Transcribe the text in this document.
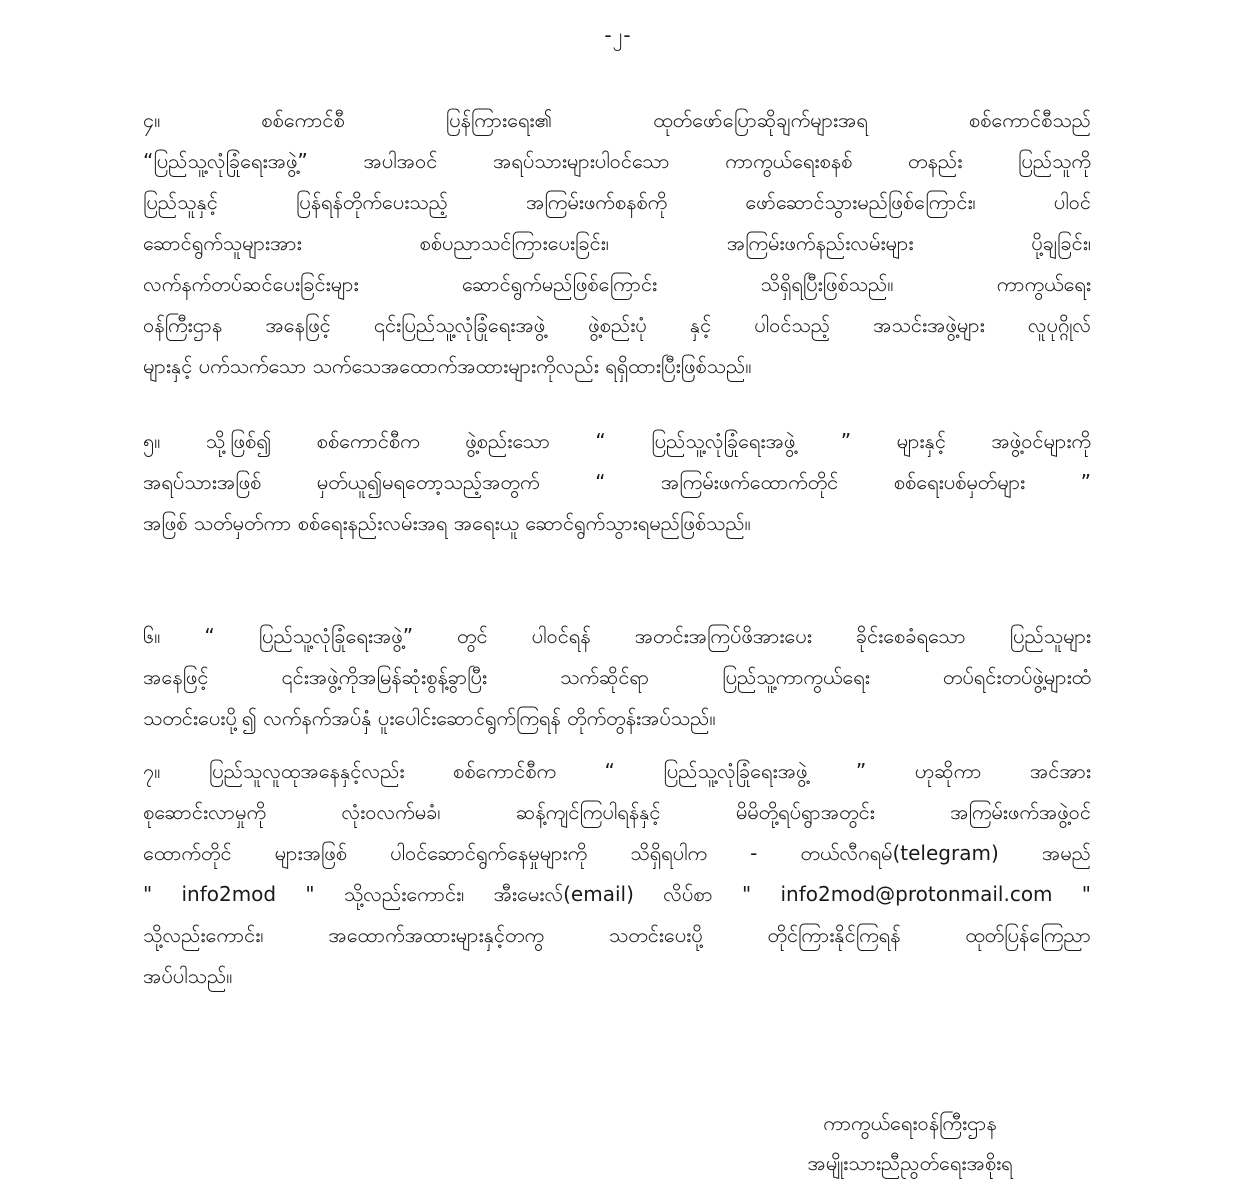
-၂-
၄။	စစ်ကောင်စီ ပြန်ကြားရေး၏ ထုတ်ဖော်ပြောဆိုချက်များအရ စစ်ကောင်စီသည်
“ပြည်သူ့လုံခြုံရေးအဖွဲ့” အပါအဝင် အရပ်သားများပါဝင်သော ကာကွယ်ရေးစနစ် တနည်း ပြည်သူကို
ပြည်သူနှင့် ပြန်ရန်တိုက်ပေးသည့် အကြမ်းဖက်စနစ်ကို ဖော်ဆောင်သွားမည်ဖြစ်ကြောင်း၊ ပါဝင်
ဆောင်ရွက်သူများအား စစ်ပညာသင်ကြားပေးခြင်း၊ အကြမ်းဖက်နည်းလမ်းများ ပို့ချခြင်း၊
လက်နက်တပ်ဆင်ပေးခြင်းများ ဆောင်ရွက်မည်ဖြစ်ကြောင်း သိရှိရပြီးဖြစ်သည်။ ကာကွယ်ရေး
ဝန်ကြီးဌာန အနေဖြင့် ၎င်းပြည်သူ့လုံခြုံရေးအဖွဲ့ ဖွဲ့စည်းပုံ နှင့် ပါဝင်သည့် အသင်းအဖွဲ့များ လူပုဂ္ဂိုလ်
များနှင့် ပက်သက်သော သက်သေအထောက်အထားများကိုလည်း ရရှိထားပြီးဖြစ်သည်။
၅။ သို့ဖြစ်၍ စစ်ကောင်စီက ဖွဲ့စည်းသော “ ပြည်သူ့လုံခြုံရေးအဖွဲ့ ” များနှင့် အဖွဲ့ဝင်များကို
အရပ်သားအဖြစ် မှတ်ယူ၍မရတော့သည့်အတွက် “ အကြမ်းဖက်ထောက်တိုင် စစ်ရေးပစ်မှတ်များ ”
အဖြစ် သတ်မှတ်ကာ စစ်ရေးနည်းလမ်းအရ အရေးယူ ဆောင်ရွက်သွားရမည်ဖြစ်သည်။
၆။ “ ပြည်သူ့လုံခြုံရေးအဖွဲ့” တွင် ပါဝင်ရန် အတင်းအကြပ်ဖိအားပေး ခိုင်းစေခံရသော ပြည်သူများ
အနေဖြင့် ၎င်းအဖွဲ့ကိုအမြန်ဆုံးစွန့်ခွာပြီး သက်ဆိုင်ရာ ပြည်သူ့ကာကွယ်ရေး တပ်ရင်းတပ်ဖွဲ့များထံ
သတင်းပေးပို့၍ လက်နက်အပ်နှံ ပူးပေါင်းဆောင်ရွက်ကြရန် တိုက်တွန်းအပ်သည်။
၇။ ပြည်သူလူထုအနေနှင့်လည်း စစ်ကောင်စီက “ ပြည်သူ့လုံခြုံရေးအဖွဲ့ ” ဟုဆိုကာ အင်အား
စုဆောင်းလာမှုကို လုံးဝလက်မခံ၊ ဆန့်ကျင်ကြပါရန်နှင့် မိမိတို့ရပ်ရွာအတွင်း အကြမ်းဖက်အဖွဲ့ဝင်
ထောက်တိုင် များအဖြစ် ပါဝင်ဆောင်ရွက်နေမှုများကို သိရှိရပါက - တယ်လီဂရမ်(telegram) အမည်
" info2mod " သို့လည်းကောင်း၊ အီးမေးလ်(email) လိပ်စာ " info2mod@protonmail.com "
သို့လည်းကောင်း၊ အထောက်အထားများနှင့်တကွ သတင်းပေးပို့ တိုင်ကြားနိုင်ကြရန် ထုတ်ပြန်ကြေညာ
အပ်ပါသည်။
ကာကွယ်ရေးဝန်ကြီးဌာန
အမျိုးသားညီညွတ်ရေးအစိုးရ
